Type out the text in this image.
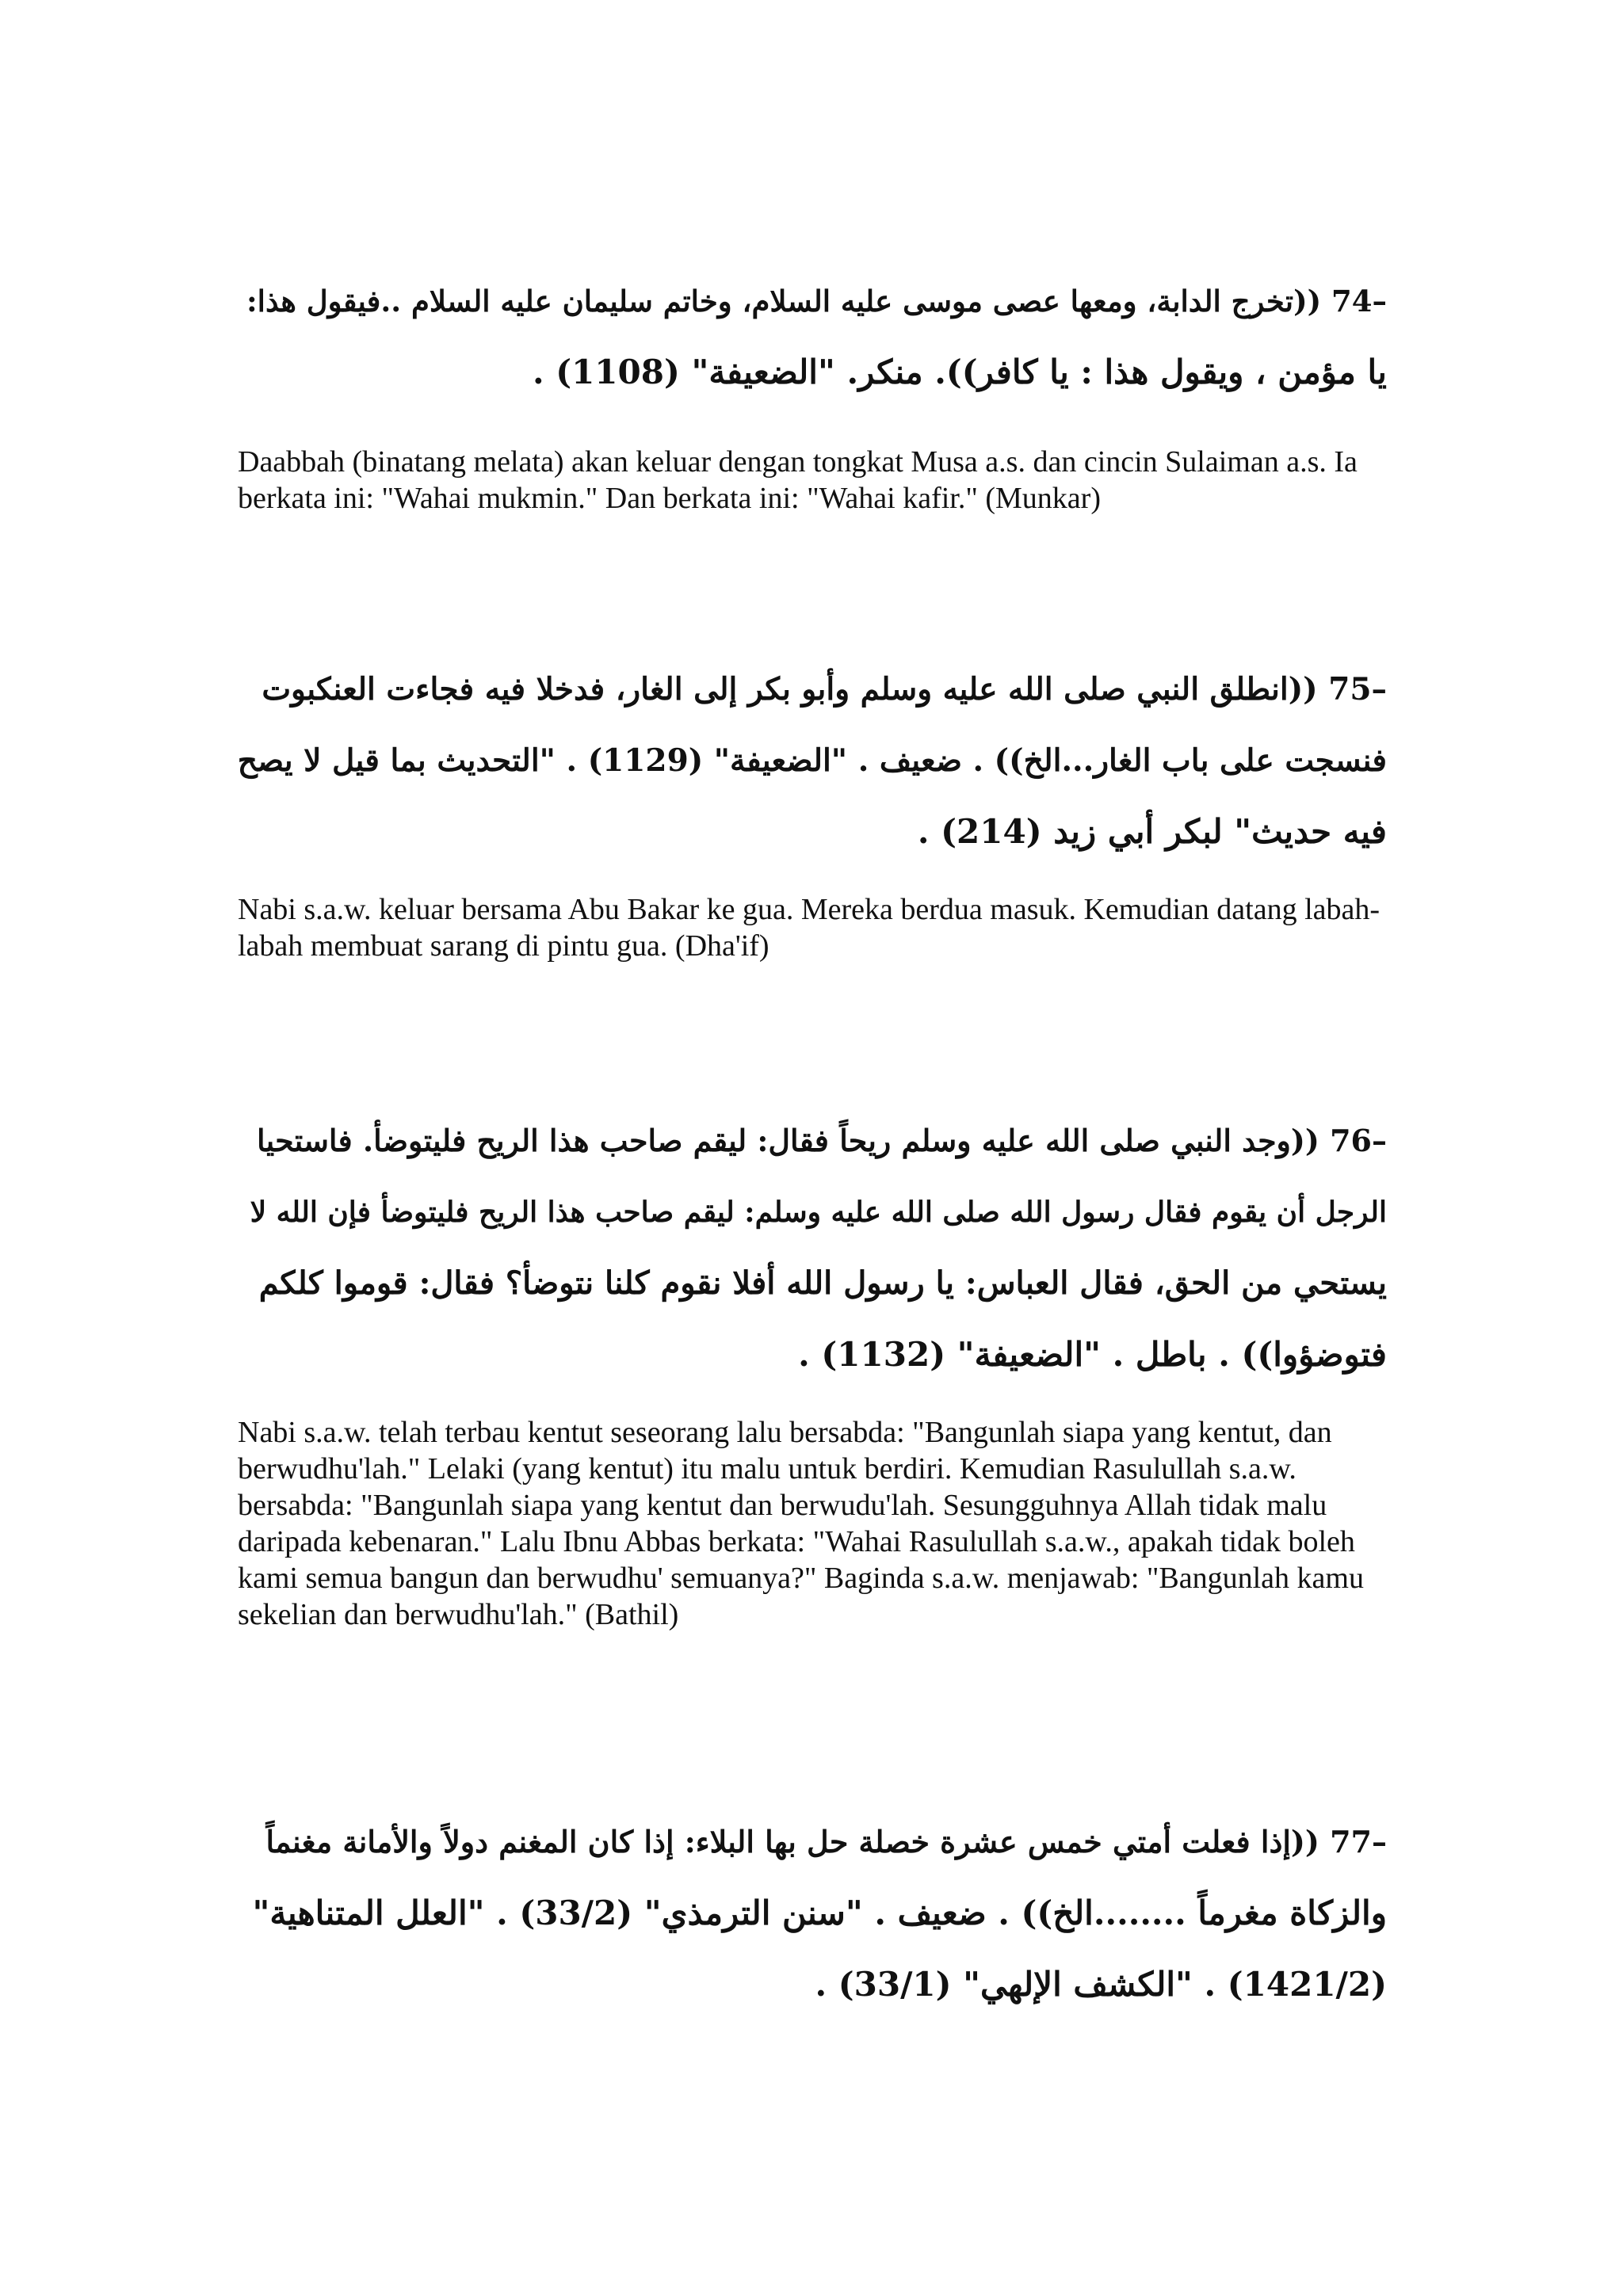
–74 ((تخرج الدابة، ومعها عصى موسى عليه السلام، وخاتم سليمان عليه السلام ..فيقول هذا:
يا مؤمن ، ويقول هذا : يا كافر)). منكر. "الضعيفة" (1108) .

Daabbah (binatang melata) akan keluar dengan tongkat Musa a.s. dan cincin Sulaiman a.s. Ia berkata ini: "Wahai mukmin." Dan berkata ini: "Wahai kafir." (Munkar)

–75 ((انطلق النبي صلى الله عليه وسلم وأبو بكر إلى الغار، فدخلا فيه فجاءت العنكبوت
فنسجت على باب الغار...الخ)) . ضعيف . "الضعيفة" (1129) . "التحديث بما قيل لا يصح
فيه حديث" لبكر أبي زيد (214) .

Nabi s.a.w. keluar bersama Abu Bakar ke gua. Mereka berdua masuk. Kemudian datang labah-labah membuat sarang di pintu gua. (Dha'if)

–76 ((وجد النبي صلى الله عليه وسلم ريحاً فقال: ليقم صاحب هذا الريح فليتوضأ. فاستحيا
الرجل أن يقوم فقال رسول الله صلى الله عليه وسلم: ليقم صاحب هذا الريح فليتوضأ فإن الله لا
يستحي من الحق، فقال العباس: يا رسول الله أفلا نقوم كلنا نتوضأ؟ فقال: قوموا كلكم
فتوضؤوا)) . باطل . "الضعيفة" (1132) .

Nabi s.a.w. telah terbau kentut seseorang lalu bersabda: "Bangunlah siapa yang kentut, dan berwudhu'lah." Lelaki (yang kentut) itu malu untuk berdiri. Kemudian Rasulullah s.a.w. bersabda: "Bangunlah siapa yang kentut dan berwudu'lah. Sesungguhnya Allah tidak malu daripada kebenaran." Lalu Ibnu Abbas berkata: "Wahai Rasulullah s.a.w., apakah tidak boleh kami semua bangun dan berwudhu' semuanya?" Baginda s.a.w. menjawab: "Bangunlah kamu sekelian dan berwudhu'lah." (Bathil)

–77 ((إذا فعلت أمتي خمس عشرة خصلة حل بها البلاء: إذا كان المغنم دولاً والأمانة مغنماً
والزكاة مغرماً ........الخ)) . ضعيف . "سنن الترمذي" (33/2) . "العلل المتناهية"
(1421/2) . "الكشف الإلهي" (33/1) .
